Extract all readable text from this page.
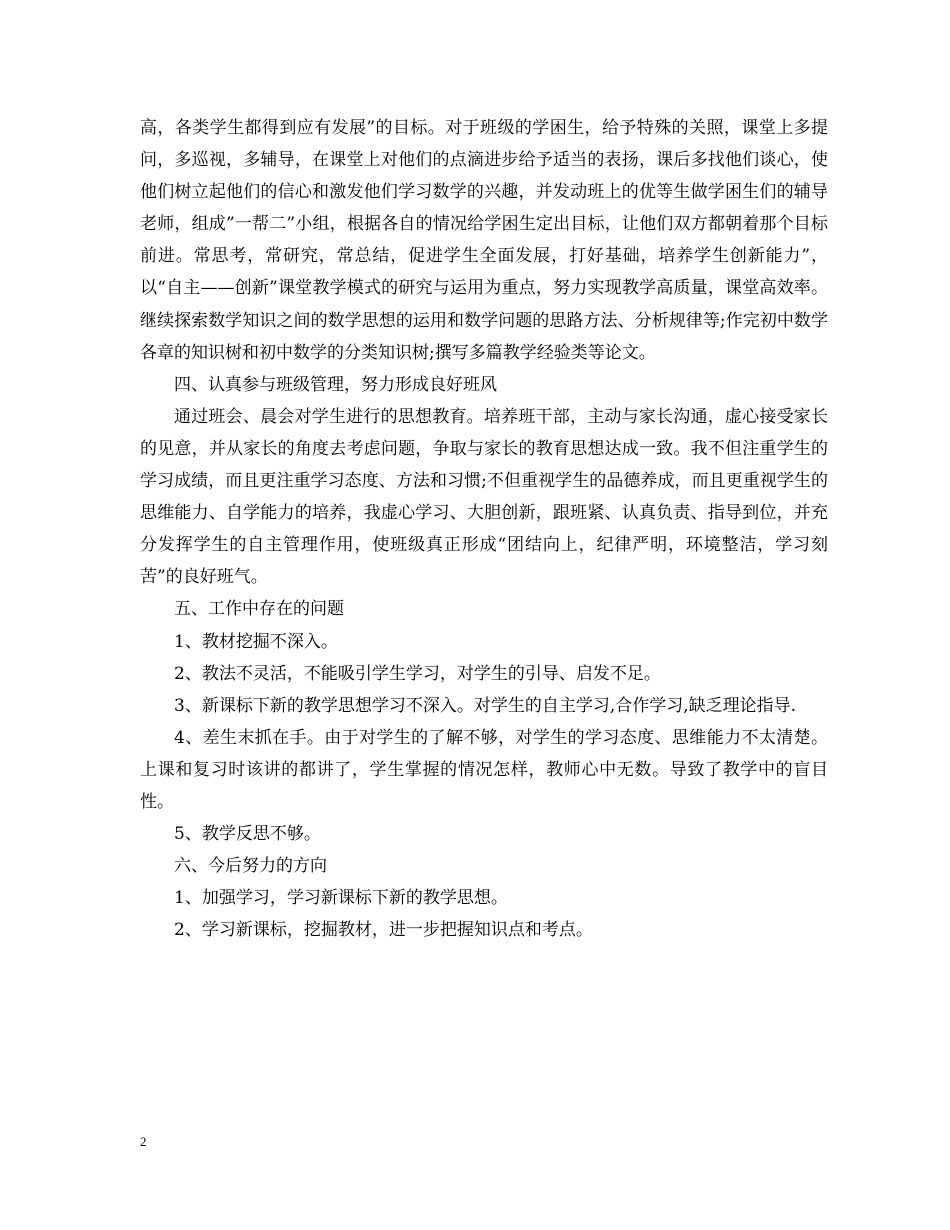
高，各类学生都得到应有发展”的目标。对于班级的学困生，给予特殊的关照，课堂上多提问，多巡视，多辅导，在课堂上对他们的点滴进步给予适当的表扬，课后多找他们谈心，使他们树立起他们的信心和激发他们学习数学的兴趣，并发动班上的优等生做学困生们的辅导老师，组成”一帮二”小组，根据各自的情况给学困生定出目标，让他们双方都朝着那个目标前进。常思考，常研究，常总结，促进学生全面发展，打好基础，培养学生创新能力”，以“自主——创新”课堂教学模式的研究与运用为重点，努力实现教学高质量，课堂高效率。继续探索数学知识之间的数学思想的运用和数学问题的思路方法、分析规律等;作完初中数学各章的知识树和初中数学的分类知识树;撰写多篇教学经验类等论文。

四、认真参与班级管理，努力形成良好班风

通过班会、晨会对学生进行的思想教育。培养班干部，主动与家长沟通，虚心接受家长的见意，并从家长的角度去考虑问题，争取与家长的教育思想达成一致。我不但注重学生的学习成绩，而且更注重学习态度、方法和习惯;不但重视学生的品德养成，而且更重视学生的思维能力、自学能力的培养，我虚心学习、大胆创新，跟班紧、认真负责、指导到位，并充分发挥学生的自主管理作用，使班级真正形成“团结向上，纪律严明，环境整洁，学习刻苦”的良好班气。

五、工作中存在的问题

1、教材挖掘不深入。

2、教法不灵活，不能吸引学生学习，对学生的引导、启发不足。

3、新课标下新的教学思想学习不深入。对学生的自主学习,合作学习,缺乏理论指导.

4、差生末抓在手。由于对学生的了解不够，对学生的学习态度、思维能力不太清楚。上课和复习时该讲的都讲了，学生掌握的情况怎样，教师心中无数。导致了教学中的盲目性。

5、教学反思不够。

六、今后努力的方向

1、加强学习，学习新课标下新的教学思想。

2、学习新课标，挖掘教材，进一步把握知识点和考点。

2
